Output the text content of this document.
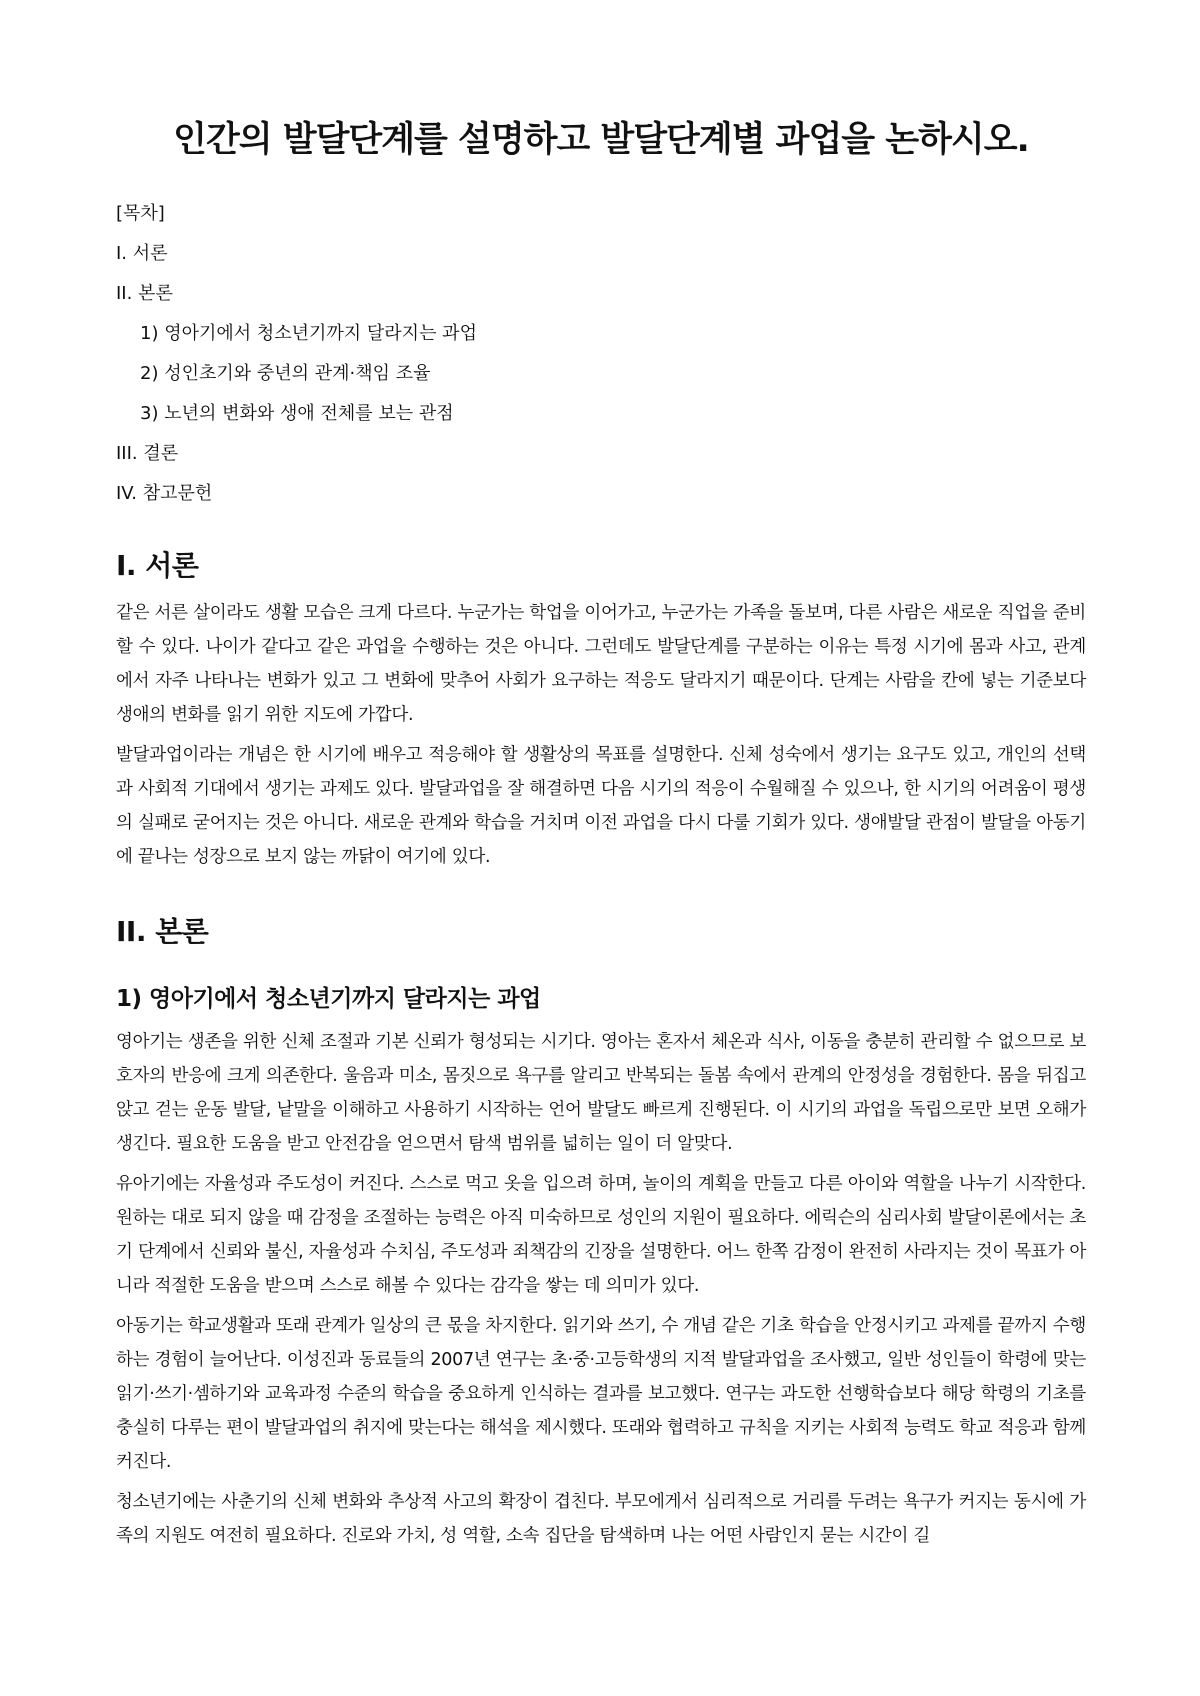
인간의 발달단계를 설명하고 발달단계별 과업을 논하시오.
[목차]
I. 서론
II. 본론
1) 영아기에서 청소년기까지 달라지는 과업
2) 성인초기와 중년의 관계·책임 조율
3) 노년의 변화와 생애 전체를 보는 관점
III. 결론
IV. 참고문헌
I. 서론

같은 서른 살이라도 생활 모습은 크게 다르다. 누군가는 학업을 이어가고, 누군가는 가족을 돌보며, 다른 사람은 새로운 직업을 준비할 수 있다. 나이가 같다고 같은 과업을 수행하는 것은 아니다. 그런데도 발달단계를 구분하는 이유는 특정 시기에 몸과 사고, 관계에서 자주 나타나는 변화가 있고 그 변화에 맞추어 사회가 요구하는 적응도 달라지기 때문이다. 단계는 사람을 칸에 넣는 기준보다 생애의 변화를 읽기 위한 지도에 가깝다.

발달과업이라는 개념은 한 시기에 배우고 적응해야 할 생활상의 목표를 설명한다. 신체 성숙에서 생기는 요구도 있고, 개인의 선택과 사회적 기대에서 생기는 과제도 있다. 발달과업을 잘 해결하면 다음 시기의 적응이 수월해질 수 있으나, 한 시기의 어려움이 평생의 실패로 굳어지는 것은 아니다. 새로운 관계와 학습을 거치며 이전 과업을 다시 다룰 기회가 있다. 생애발달 관점이 발달을 아동기에 끝나는 성장으로 보지 않는 까닭이 여기에 있다.

II. 본론
1) 영아기에서 청소년기까지 달라지는 과업

영아기는 생존을 위한 신체 조절과 기본 신뢰가 형성되는 시기다. 영아는 혼자서 체온과 식사, 이동을 충분히 관리할 수 없으므로 보호자의 반응에 크게 의존한다. 울음과 미소, 몸짓으로 욕구를 알리고 반복되는 돌봄 속에서 관계의 안정성을 경험한다. 몸을 뒤집고 앉고 걷는 운동 발달, 낱말을 이해하고 사용하기 시작하는 언어 발달도 빠르게 진행된다. 이 시기의 과업을 독립으로만 보면 오해가 생긴다. 필요한 도움을 받고 안전감을 얻으면서 탐색 범위를 넓히는 일이 더 알맞다.

유아기에는 자율성과 주도성이 커진다. 스스로 먹고 옷을 입으려 하며, 놀이의 계획을 만들고 다른 아이와 역할을 나누기 시작한다. 원하는 대로 되지 않을 때 감정을 조절하는 능력은 아직 미숙하므로 성인의 지원이 필요하다. 에릭슨의 심리사회 발달이론에서는 초기 단계에서 신뢰와 불신, 자율성과 수치심, 주도성과 죄책감의 긴장을 설명한다. 어느 한쪽 감정이 완전히 사라지는 것이 목표가 아니라 적절한 도움을 받으며 스스로 해볼 수 있다는 감각을 쌓는 데 의미가 있다.

아동기는 학교생활과 또래 관계가 일상의 큰 몫을 차지한다. 읽기와 쓰기, 수 개념 같은 기초 학습을 안정시키고 과제를 끝까지 수행하는 경험이 늘어난다. 이성진과 동료들의 2007년 연구는 초·중·고등학생의 지적 발달과업을 조사했고, 일반 성인들이 학령에 맞는 읽기·쓰기·셈하기와 교육과정 수준의 학습을 중요하게 인식하는 결과를 보고했다. 연구는 과도한 선행학습보다 해당 학령의 기초를 충실히 다루는 편이 발달과업의 취지에 맞는다는 해석을 제시했다. 또래와 협력하고 규칙을 지키는 사회적 능력도 학교 적응과 함께 커진다.

청소년기에는 사춘기의 신체 변화와 추상적 사고의 확장이 겹친다. 부모에게서 심리적으로 거리를 두려는 욕구가 커지는 동시에 가족의 지원도 여전히 필요하다. 진로와 가치, 성 역할, 소속 집단을 탐색하며 나는 어떤 사람인지 묻는 시간이 길
